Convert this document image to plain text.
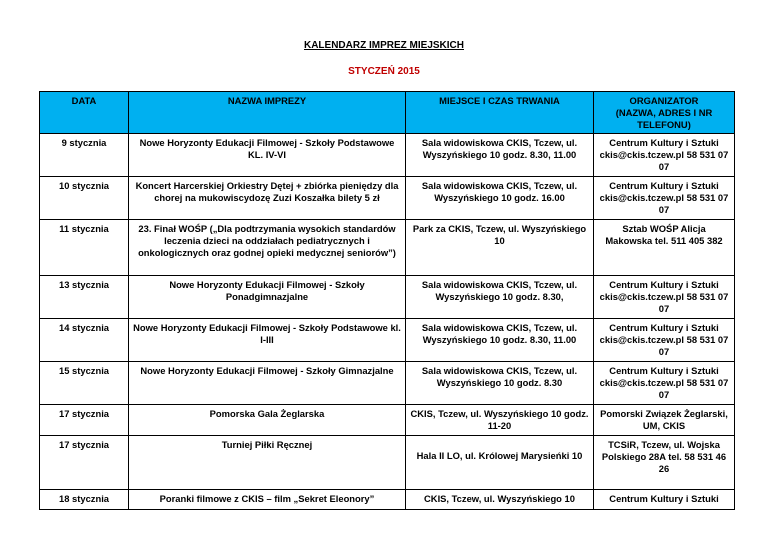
KALENDARZ IMPREZ MIEJSKICH
STYCZEŃ 2015
DATA	NAZWA IMPREZY	MIEJSCE I CZAS TRWANIA	ORGANIZATOR
(NAZWA, ADRES I NR TELEFONU)

9 stycznia	Nowe Horyzonty Edukacji Filmowej - Szkoły Podstawowe KL. IV-VI	Sala widowiskowa CKIS, Tczew, ul. Wyszyńskiego 10 godz. 8.30, 11.00	Centrum Kultury i Sztuki ckis@ckis.tczew.pl 58 531 07 07
10 stycznia	Koncert Harcerskiej Orkiestry Dętej + zbiórka pieniędzy dla chorej na mukowiscydozę Zuzi Koszałka bilety 5 zł	Sala widowiskowa CKIS, Tczew, ul. Wyszyńskiego 10 godz. 16.00	Centrum Kultury i Sztuki ckis@ckis.tczew.pl 58 531 07 07
11 stycznia	23. Finał WOŚP („Dla podtrzymania wysokich standardów leczenia dzieci na oddziałach pediatrycznych i onkologicznych oraz godnej opieki medycznej seniorów”)	Park za CKIS, Tczew, ul. Wyszyńskiego 10	Sztab WOŚP Alicja Makowska tel. 511 405 382
13 stycznia	Nowe Horyzonty Edukacji Filmowej - Szkoły Ponadgimnazjalne	Sala widowiskowa CKIS, Tczew, ul. Wyszyńskiego 10 godz. 8.30,	Centrum Kultury i Sztuki ckis@ckis.tczew.pl 58 531 07 07
14 stycznia	Nowe Horyzonty Edukacji Filmowej - Szkoły Podstawowe kl. I-III	Sala widowiskowa CKIS, Tczew, ul. Wyszyńskiego 10 godz. 8.30, 11.00	Centrum Kultury i Sztuki ckis@ckis.tczew.pl 58 531 07 07
15 stycznia	Nowe Horyzonty Edukacji Filmowej - Szkoły Gimnazjalne	Sala widowiskowa CKIS, Tczew, ul. Wyszyńskiego 10 godz. 8.30	Centrum Kultury i Sztuki ckis@ckis.tczew.pl 58 531 07 07
17 stycznia	Pomorska Gala Żeglarska	CKIS, Tczew, ul. Wyszyńskiego 10 godz. 11-20	Pomorski Związek Żeglarski, UM, CKIS
17 stycznia	Turniej Piłki Ręcznej	Hala II LO, ul. Królowej Marysieńki 10	TCSiR, Tczew, ul. Wojska Polskiego 28A tel. 58 531 46 26
18 stycznia	Poranki filmowe z CKIS – film „Sekret Eleonory”	CKIS, Tczew, ul. Wyszyńskiego 10	Centrum Kultury i Sztuki
